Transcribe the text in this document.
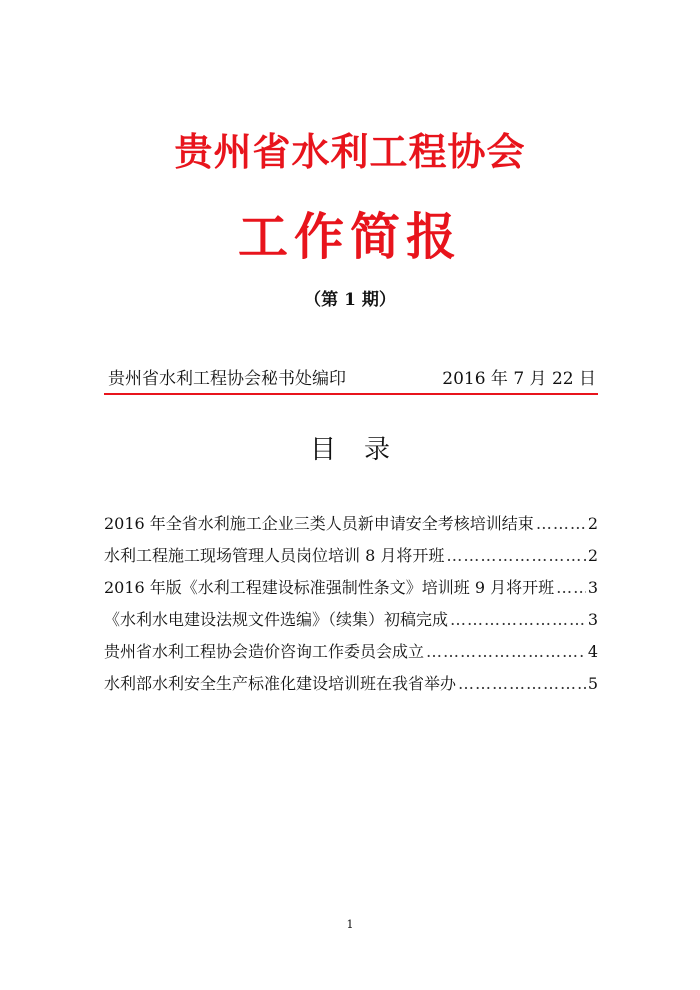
贵州省水利工程协会
工作简报
（第 1 期）
贵州省水利工程协会秘书处编印	2016 年 7 月 22 日
目录
2016 年全省水利施工企业三类人员新申请安全考核培训结束 …………………………………………………………………………………………………………………………	2
水利工程施工现场管理人员岗位培训 8 月将开班 …………………………………………………………………………………………………………………………	2
2016 年版《水利工程建设标准强制性条文》培训班 9 月将开班 ………………………………………………………………………………………………………………………… 3
《水利水电建设法规文件选编》（续集）初稿完成 …………………………………………………………………………………………………………………………	3
贵州省水利工程协会造价咨询工作委员会成立 …………………………………………………………………………………………………………………………	4
水利部水利安全生产标准化建设培训班在我省举办 …………………………………………………………………………………………………………………………	5
1
